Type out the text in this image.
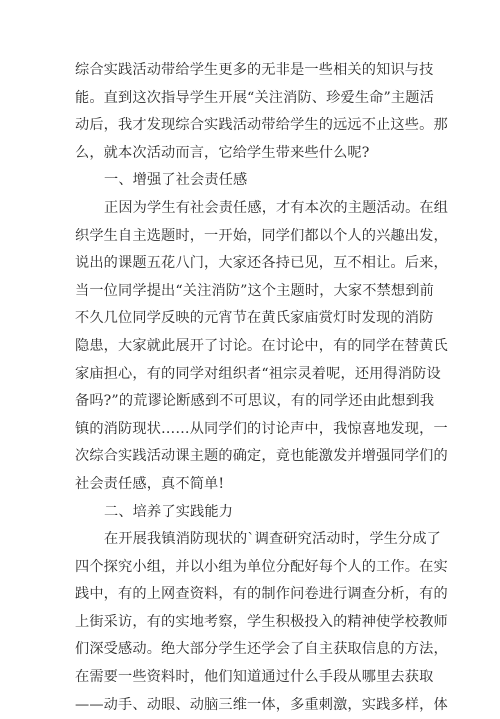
综合实践活动带给学生更多的无非是一些相关的知识与技
能。直到这次指导学生开展“关注消防、珍爱生命”主题活
动后，我才发现综合实践活动带给学生的远远不止这些。那
么，就本次活动而言，它给学生带来些什么呢?
一、增强了社会责任感
正因为学生有社会责任感，才有本次的主题活动。在组
织学生自主选题时，一开始，同学们都以个人的兴趣出发，
说出的课题五花八门，大家还各持已见，互不相让。后来，
当一位同学提出“关注消防”这个主题时，大家不禁想到前
不久几位同学反映的元宵节在黄氏家庙赏灯时发现的消防
隐患，大家就此展开了讨论。在讨论中，有的同学在替黄氏
家庙担心，有的同学对组织者“祖宗灵着呢，还用得消防设
备吗?”的荒谬论断感到不可思议，有的同学还由此想到我
镇的消防现状……从同学们的讨论声中，我惊喜地发现，一
次综合实践活动课主题的确定，竟也能激发并增强同学们的
社会责任感，真不简单!
二、培养了实践能力
在开展我镇消防现状的`调查研究活动时，学生分成了
四个探究小组，并以小组为单位分配好每个人的工作。在实
践中，有的上网查资料，有的制作问卷进行调查分析，有的
上街采访，有的实地考察，学生积极投入的精神使学校教师
们深受感动。绝大部分学生还学会了自主获取信息的方法，
在需要一些资料时，他们知道通过什么手段从哪里去获取
——动手、动眼、动脑三维一体，多重刺激，实践多样，体
